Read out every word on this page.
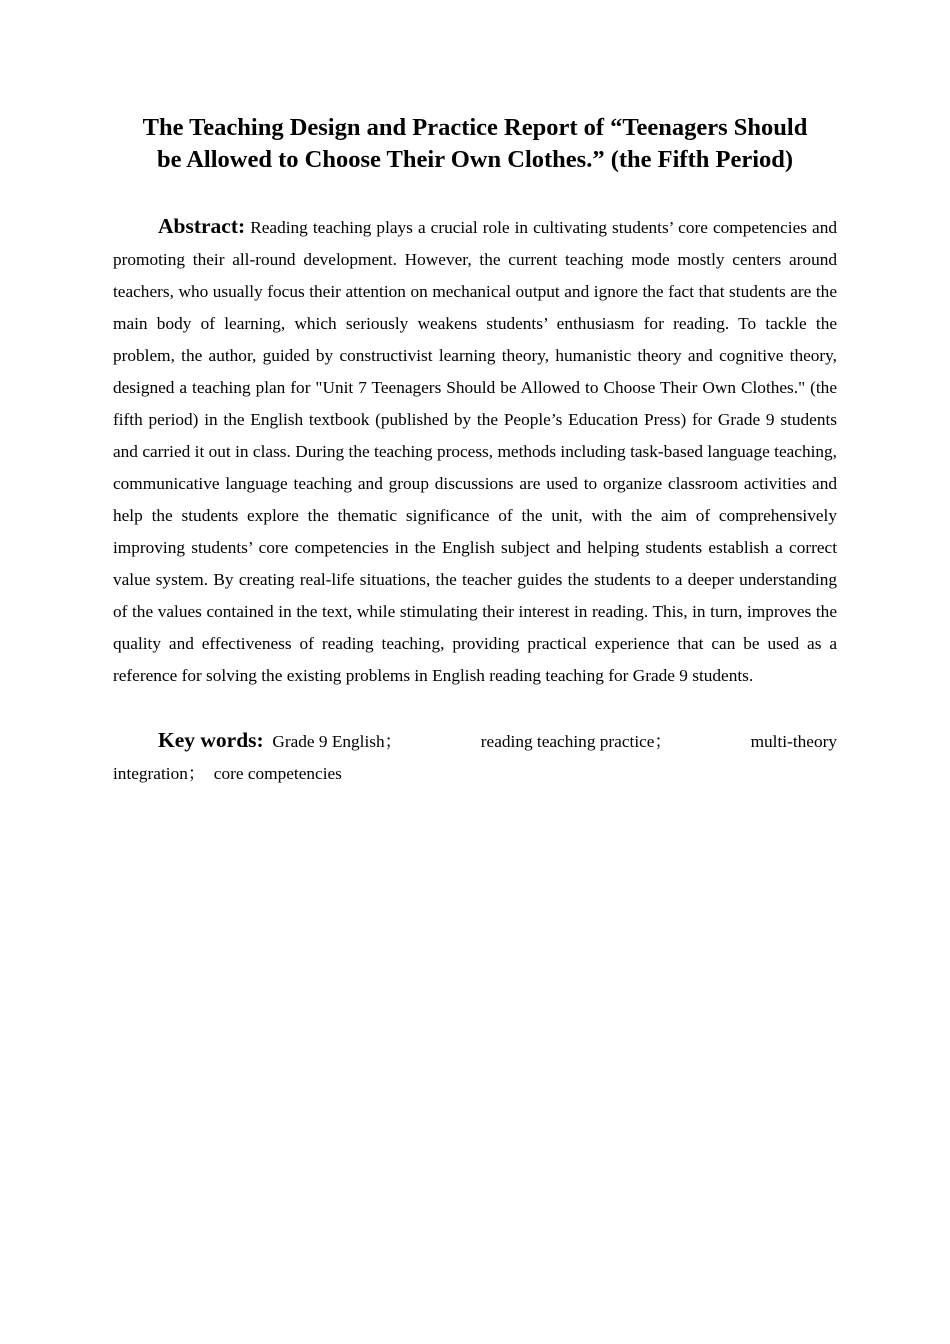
The Teaching Design and Practice Report of “Teenagers Should
be Allowed to Choose Their Own Clothes.” (the Fifth Period)

Abstract: Reading teaching plays a crucial role in cultivating students’ core competencies and promoting their all-round development. However, the current teaching mode mostly centers around teachers, who usually focus their attention on mechanical output and ignore the fact that students are the main body of learning, which seriously weakens students’ enthusiasm for reading. To tackle the problem, the author, guided by constructivist learning theory, humanistic theory and cognitive theory, designed a teaching plan for "Unit 7 Teenagers Should be Allowed to Choose Their Own Clothes." (the fifth period) in the English textbook (published by the People’s Education Press) for Grade 9 students and carried it out in class. During the teaching process, methods including task-based language teaching, communicative language teaching and group discussions are used to organize classroom activities and help the students explore the thematic significance of the unit, with the aim of comprehensively improving students’ core competencies in the English subject and helping students establish a correct value system. By creating real-life situations, the teacher guides the students to a deeper understanding of the values contained in the text, while stimulating their interest in reading. This, in turn, improves the quality and effectiveness of reading teaching, providing practical experience that can be used as a reference for solving the existing problems in English reading teaching for Grade 9 students.

Key words: Grade 9 English；	reading teaching practice；	multi-theory
integration； core competencies
